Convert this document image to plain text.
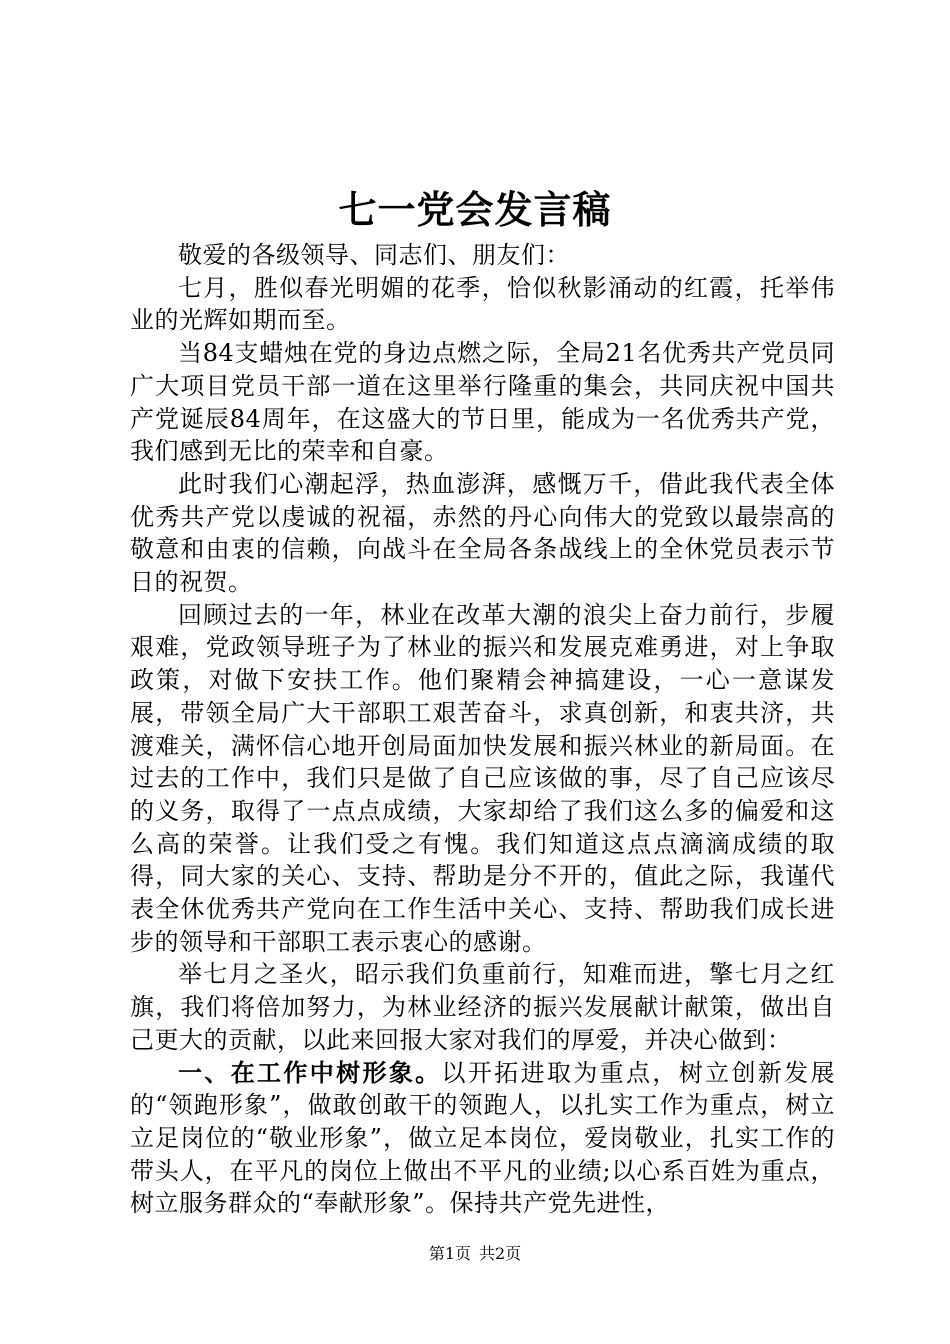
七一党会发言稿

敬爱的各级领导、同志们、朋友们：

七月，胜似春光明媚的花季，恰似秋影涌动的红霞，托举伟业的光辉如期而至。

当84支蜡烛在党的身边点燃之际，全局21名优秀共产党员同广大项目党员干部一道在这里举行隆重的集会，共同庆祝中国共产党诞辰84周年，在这盛大的节日里，能成为一名优秀共产党，我们感到无比的荣幸和自豪。

此时我们心潮起浮，热血澎湃，感慨万千，借此我代表全体优秀共产党以虔诚的祝福，赤然的丹心向伟大的党致以最崇高的敬意和由衷的信赖，向战斗在全局各条战线上的全休党员表示节日的祝贺。

回顾过去的一年，林业在改革大潮的浪尖上奋力前行，步履艰难，党政领导班子为了林业的振兴和发展克难勇进，对上争取政策，对做下安扶工作。他们聚精会神搞建设，一心一意谋发展，带领全局广大干部职工艰苦奋斗，求真创新，和衷共济，共渡难关，满怀信心地开创局面加快发展和振兴林业的新局面。在过去的工作中，我们只是做了自己应该做的事，尽了自己应该尽的义务，取得了一点点成绩，大家却给了我们这么多的偏爱和这么高的荣誉。让我们受之有愧。我们知道这点点滴滴成绩的取得，同大家的关心、支持、帮助是分不开的，值此之际，我谨代表全休优秀共产党向在工作生活中关心、支持、帮助我们成长进步的领导和干部职工表示衷心的感谢。

举七月之圣火，昭示我们负重前行，知难而进，擎七月之红旗，我们将倍加努力，为林业经济的振兴发展献计献策，做出自己更大的贡献，以此来回报大家对我们的厚爱，并决心做到：

一、在工作中树形象。以开拓进取为重点，树立创新发展的“领跑形象”，做敢创敢干的领跑人，以扎实工作为重点，树立立足岗位的“敬业形象”，做立足本岗位，爱岗敬业，扎实工作的带头人，在平凡的岗位上做出不平凡的业绩;以心系百姓为重点，树立服务群众的“奉献形象”。保持共产党先进性，

第1页 共2页
